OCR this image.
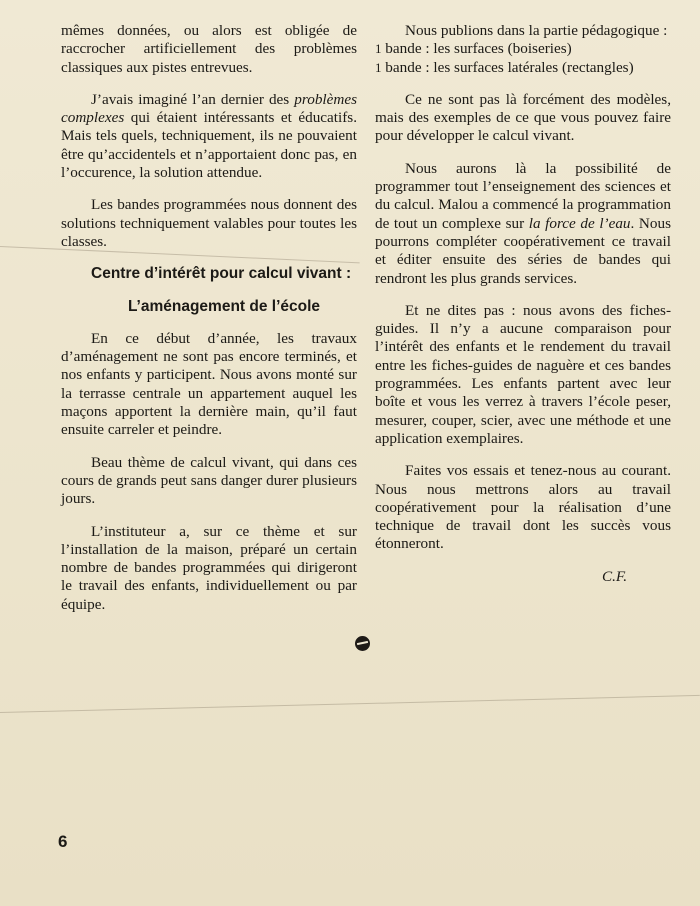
mêmes données, ou alors est obligée de raccrocher artificiellement des problèmes classiques aux pistes entrevues.

J’avais imaginé l’an dernier des problèmes complexes qui étaient intéressants et éducatifs. Mais tels quels, techniquement, ils ne pouvaient être qu’accidentels et n’apportaient donc pas, en l’occurence, la solution attendue.

Les bandes programmées nous donnent des solutions techniquement valables pour toutes les classes.

Centre d’intérêt pour calcul vivant :

L’aménagement de l’école

En ce début d’année, les travaux d’aménagement ne sont pas encore terminés, et nos enfants y participent. Nous avons monté sur la terrasse centrale un appartement auquel les maçons apportent la dernière main, qu’il faut ensuite carreler et peindre.

Beau thème de calcul vivant, qui dans ces cours de grands peut sans danger durer plusieurs jours.

L’instituteur a, sur ce thème et sur l’installation de la maison, préparé un certain nombre de bandes programmées qui dirigeront le travail des enfants, individuellement ou par équipe.

Nous publions dans la partie pédagogique :

1 bande : les surfaces (boiseries)

1 bande : les surfaces latérales (rectangles)

Ce ne sont pas là forcément des modèles, mais des exemples de ce que vous pouvez faire pour développer le calcul vivant.

Nous aurons là la possibilité de programmer tout l’enseignement des sciences et du calcul. Malou a commencé la programmation de tout un complexe sur la force de l’eau. Nous pourrons compléter coopérativement ce travail et éditer ensuite des séries de bandes qui rendront les plus grands services.

Et ne dites pas : nous avons des fiches-guides. Il n’y a aucune comparaison pour l’intérêt des enfants et le rendement du travail entre les fiches-guides de naguère et ces bandes programmées. Les enfants partent avec leur boîte et vous les verrez à travers l’école peser, mesurer, couper, scier, avec une méthode et une application exemplaires.

Faites vos essais et tenez-nous au courant. Nous nous mettrons alors au travail coopérativement pour la réalisation d’une technique de travail dont les succès vous étonneront.

C.F.

6
